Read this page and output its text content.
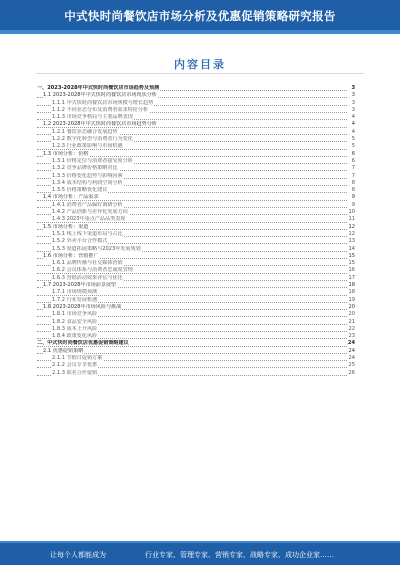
中式快时尚餐饮店市场分析及优惠促销策略研究报告
内容目录
一、2023-2028年中式快时尚餐饮店市场趋势及预测	3
1.1 2023-2028年中式快时尚餐饮店市场现状分析	3
1.1.1 中式快时尚餐饮店市场规模与增长趋势	3
1.1.2 不同业态分布及消费者需求特征分析	3
1.1.3 市场竞争格局与主要品牌表现	4
1.2 2023-2028年中式快时尚餐饮店市场趋势分析	4
1.2.1 餐饮业态融合发展趋势	4
1.2.2 数字化转型与消费者行为变化	5
1.2.3 行业政策影响与市场机遇	5
1.3 市场分析：价格	6
1.3.1 价格定位与消费者接受度分析	6
1.3.2 竞争品牌价格策略对比	7
1.3.3 价格变化趋势与影响因素	7
1.3.4 成本结构与利润空间分析	8
1.3.5 价格策略优化建议	8
1.4 市场分析：产品需求	9
1.4.1 消费者产品偏好调研分析	9
1.4.2 产品创新与差异化发展方向	10
1.4.3 2023年重点产品品类表现	11
1.5 市场分析：渠道	12
1.5.1 线上线下渠道布局与占比	12
1.5.2 外卖平台合作模式	13
1.5.3 渠道拓展策略与2023年发展规划	14
1.6 市场分析：营销推广	15
1.6.1 品牌传播与社交媒体营销	15
1.6.2 会员体系与消费者忠诚度管理	16
1.6.3 营销活动效果评估与优化	17
1.7 2023-2028年市场前景展望	18
1.7.1 市场规模预测	18
1.7.2 行业发展机遇	19
1.8 2023-2028年市场风险与挑战	20
1.8.1 市场竞争风险	20
1.8.2 食品安全风险	21
1.8.3 成本上升风险	22
1.8.4 政策变化风险	23
二、中式快时尚餐饮店优惠促销策略建议	24
2.1 优惠促销策略	24
2.1.1 节假日促销方案	24
2.1.2 会员专享优惠	25
2.1.3 联名合作促销	26
让每个人都能成为	行业专家、管理专家、营销专家、战略专家、成功企业家……
